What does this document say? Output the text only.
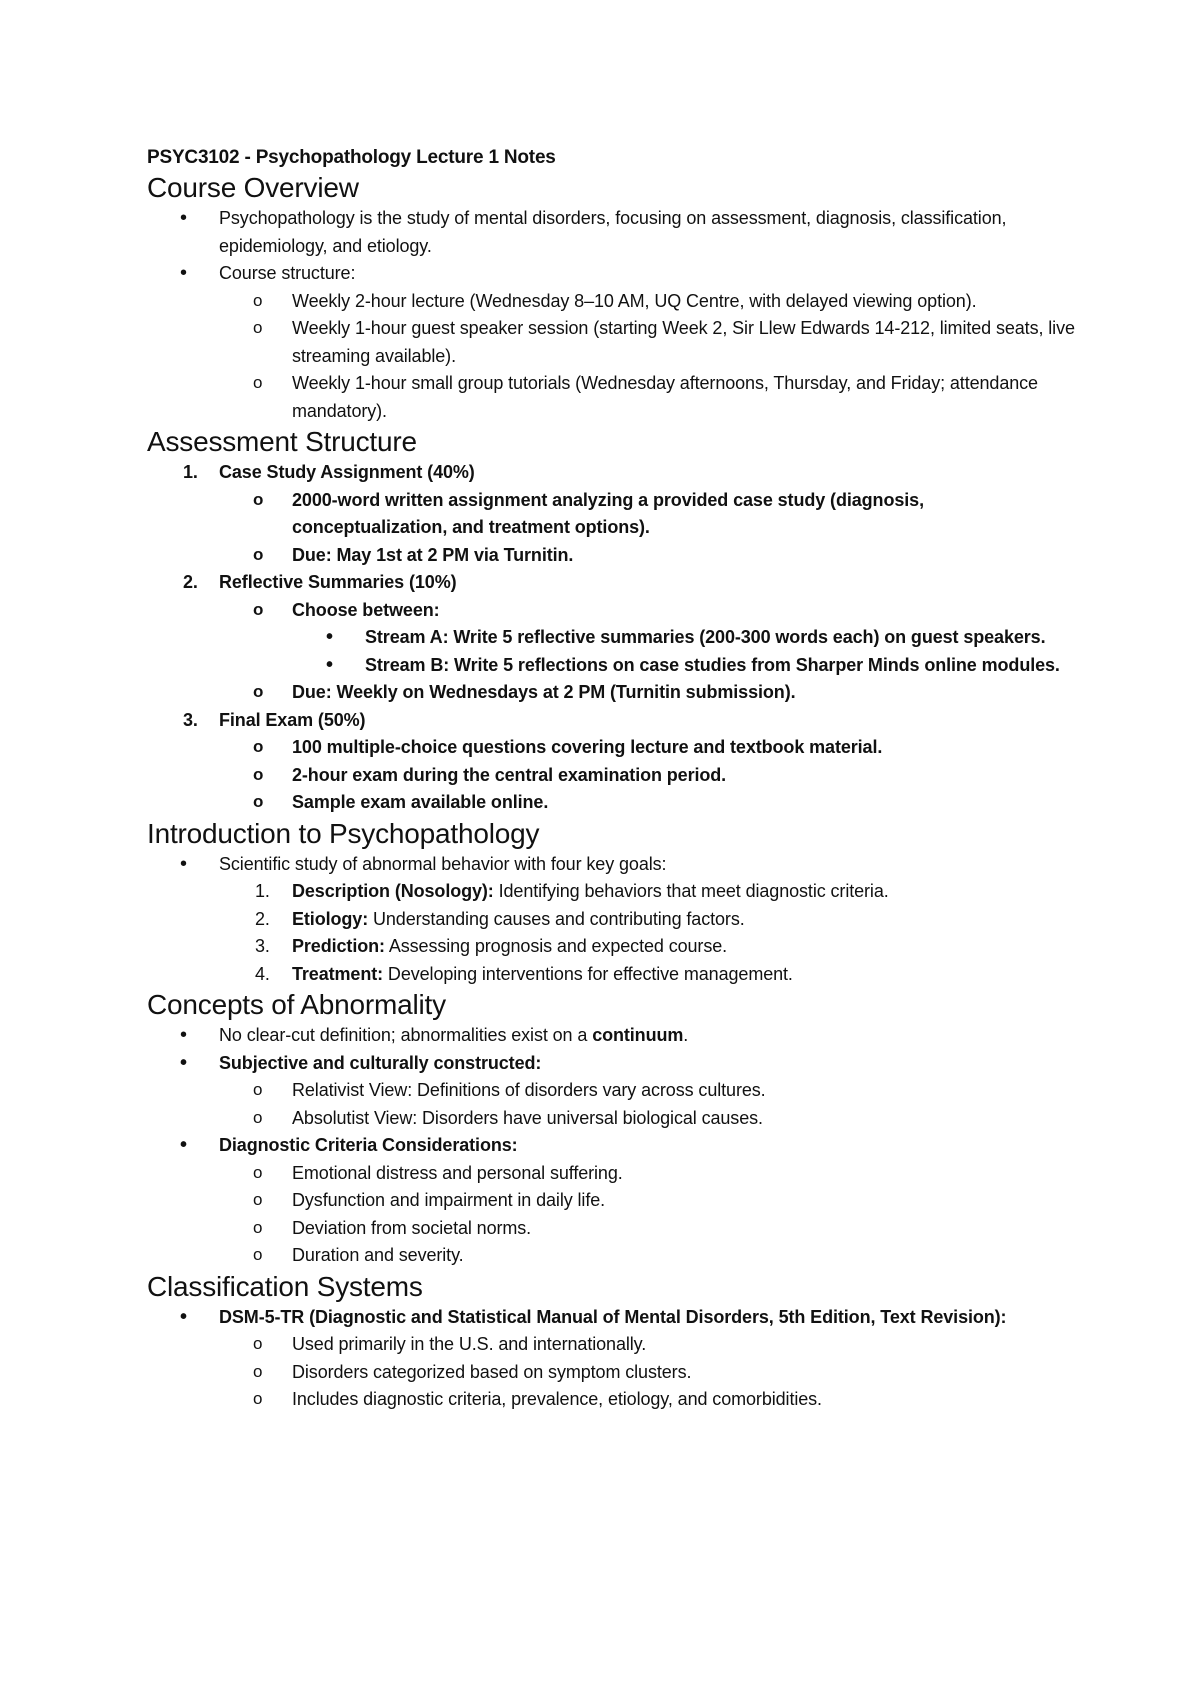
PSYC3102 - Psychopathology Lecture 1 Notes

Course Overview

• Psychopathology is the study of mental disorders, focusing on assessment, diagnosis, classification, epidemiology, and etiology.

• Course structure:

o Weekly 2-hour lecture (Wednesday 8–10 AM, UQ Centre, with delayed viewing option).

o Weekly 1-hour guest speaker session (starting Week 2, Sir Llew Edwards 14-212, limited seats, live streaming available).

o Weekly 1-hour small group tutorials (Wednesday afternoons, Thursday, and Friday; attendance mandatory).

Assessment Structure

1. Case Study Assignment (40%)

o 2000-word written assignment analyzing a provided case study (diagnosis, conceptualization, and treatment options).

o Due: May 1st at 2 PM via Turnitin.

2. Reflective Summaries (10%)

o Choose between:

• Stream A: Write 5 reflective summaries (200-300 words each) on guest speakers.

• Stream B: Write 5 reflections on case studies from Sharper Minds online modules.

o Due: Weekly on Wednesdays at 2 PM (Turnitin submission).

3. Final Exam (50%)

o 100 multiple-choice questions covering lecture and textbook material.

o 2-hour exam during the central examination period.

o Sample exam available online.

Introduction to Psychopathology

• Scientific study of abnormal behavior with four key goals:

1. Description (Nosology): Identifying behaviors that meet diagnostic criteria.

2. Etiology: Understanding causes and contributing factors.

3. Prediction: Assessing prognosis and expected course.

4. Treatment: Developing interventions for effective management.

Concepts of Abnormality

• No clear-cut definition; abnormalities exist on a continuum.

• Subjective and culturally constructed:

o Relativist View: Definitions of disorders vary across cultures.

o Absolutist View: Disorders have universal biological causes.

• Diagnostic Criteria Considerations:

o Emotional distress and personal suffering.

o Dysfunction and impairment in daily life.

o Deviation from societal norms.

o Duration and severity.

Classification Systems

• DSM-5-TR (Diagnostic and Statistical Manual of Mental Disorders, 5th Edition, Text Revision):

o Used primarily in the U.S. and internationally.

o Disorders categorized based on symptom clusters.

o Includes diagnostic criteria, prevalence, etiology, and comorbidities.
